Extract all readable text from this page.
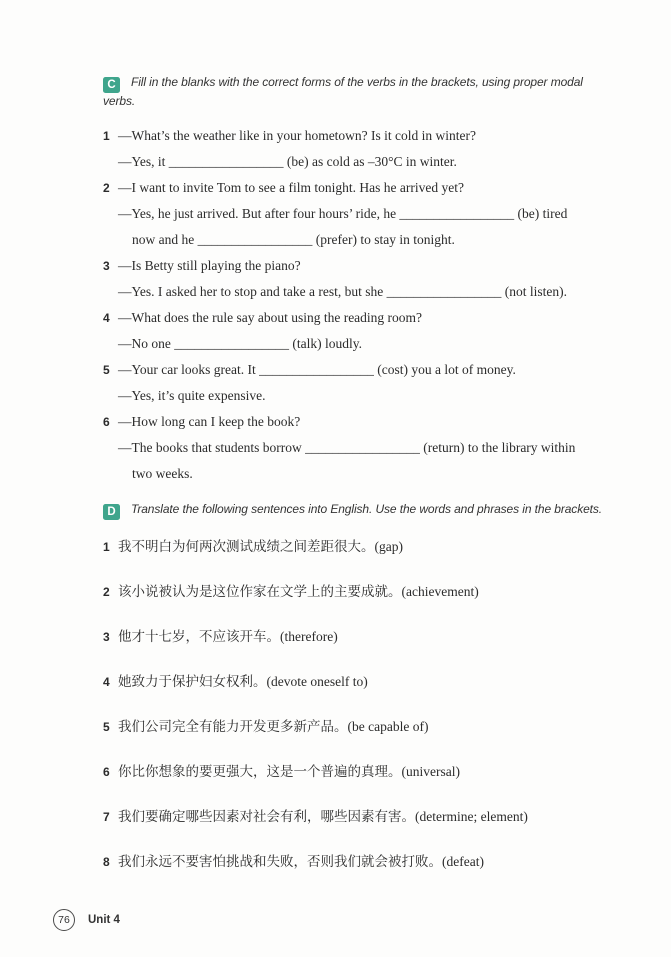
C Fill in the blanks with the correct forms of the verbs in the brackets, using proper modal verbs.

1 —What’s the weather like in your hometown? Is it cold in winter?
—Yes, it _________________ (be) as cold as –30°C in winter.
2 —I want to invite Tom to see a film tonight. Has he arrived yet?
—Yes, he just arrived. But after four hours’ ride, he _________________ (be) tired
now and he _________________ (prefer) to stay in tonight.
3 —Is Betty still playing the piano?
—Yes. I asked her to stop and take a rest, but she _________________ (not listen).
4 —What does the rule say about using the reading room?
—No one _________________ (talk) loudly.
5 —Your car looks great. It _________________ (cost) you a lot of money.
—Yes, it’s quite expensive.
6 —How long can I keep the book?
—The books that students borrow _________________ (return) to the library within
two weeks.

D Translate the following sentences into English. Use the words and phrases in the brackets.

1 我不明白为何两次测试成绩之间差距很大。(gap)
2 该小说被认为是这位作家在文学上的主要成就。(achievement)
3 他才十七岁，不应该开车。(therefore)
4 她致力于保护妇女权利。(devote oneself to)
5 我们公司完全有能力开发更多新产品。(be capable of)
6 你比你想象的要更强大，这是一个普遍的真理。(universal)
7 我们要确定哪些因素对社会有利，哪些因素有害。(determine; element)
8 我们永远不要害怕挑战和失败，否则我们就会被打败。(defeat)
76	Unit 4
